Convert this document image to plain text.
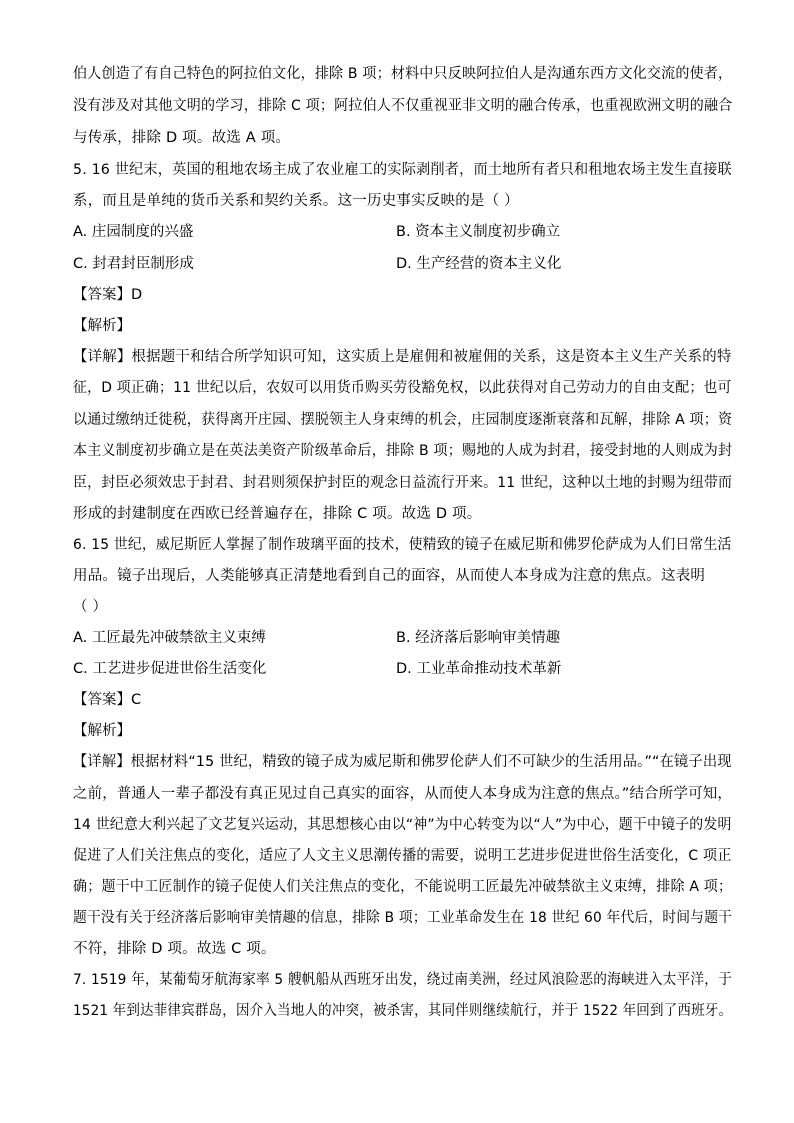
伯人创造了有自己特色的阿拉伯文化，排除 B 项；材料中只反映阿拉伯人是沟通东西方文化交流的使者，
没有涉及对其他文明的学习，排除 C 项；阿拉伯人不仅重视亚非文明的融合传承，也重视欧洲文明的融合
与传承，排除 D 项。故选 A 项。
5. 16 世纪末，英国的租地农场主成了农业雇工的实际剥削者，而土地所有者只和租地农场主发生直接联
系，而且是单纯的货币关系和契约关系。这一历史事实反映的是（ ）
A. 庄园制度的兴盛	B. 资本主义制度初步确立
C. 封君封臣制形成	D. 生产经营的资本主义化
【答案】D
【解析】
【详解】根据题干和结合所学知识可知，这实质上是雇佣和被雇佣的关系，这是资本主义生产关系的特
征，D 项正确；11 世纪以后，农奴可以用货币购买劳役豁免权，以此获得对自己劳动力的自由支配；也可
以通过缴纳迁徙税，获得离开庄园、摆脱领主人身束缚的机会，庄园制度逐渐衰落和瓦解，排除 A 项；资
本主义制度初步确立是在英法美资产阶级革命后，排除 B 项；赐地的人成为封君，接受封地的人则成为封
臣，封臣必须效忠于封君、封君则须保护封臣的观念日益流行开来。11 世纪，这种以土地的封赐为纽带而
形成的封建制度在西欧已经普遍存在，排除 C 项。故选 D 项。
6. 15 世纪，威尼斯匠人掌握了制作玻璃平面的技术，使精致的镜子在威尼斯和佛罗伦萨成为人们日常生活
用品。镜子出现后，人类能够真正清楚地看到自己的面容，从而使人本身成为注意的焦点。这表明
（ ）
A. 工匠最先冲破禁欲主义束缚	B. 经济落后影响审美情趣
C. 工艺进步促进世俗生活变化	D. 工业革命推动技术革新
【答案】C
【解析】
【详解】根据材料“15 世纪，精致的镜子成为威尼斯和佛罗伦萨人们不可缺少的生活用品。”“在镜子出现
之前，普通人一辈子都没有真正见过自己真实的面容，从而使人本身成为注意的焦点。”结合所学可知，
14 世纪意大利兴起了文艺复兴运动，其思想核心由以“神”为中心转变为以“人”为中心，题干中镜子的发明
促进了人们关注焦点的变化，适应了人文主义思潮传播的需要，说明工艺进步促进世俗生活变化，C 项正
确；题干中工匠制作的镜子促使人们关注焦点的变化，不能说明工匠最先冲破禁欲主义束缚，排除 A 项；
题干没有关于经济落后影响审美情趣的信息，排除 B 项；工业革命发生在 18 世纪 60 年代后，时间与题干
不符，排除 D 项。故选 C 项。
7. 1519 年，某葡萄牙航海家率 5 艘帆船从西班牙出发，绕过南美洲，经过风浪险恶的海峡进入太平洋，于
1521 年到达菲律宾群岛，因介入当地人的冲突，被杀害，其同伴则继续航行，并于 1522 年回到了西班牙。
